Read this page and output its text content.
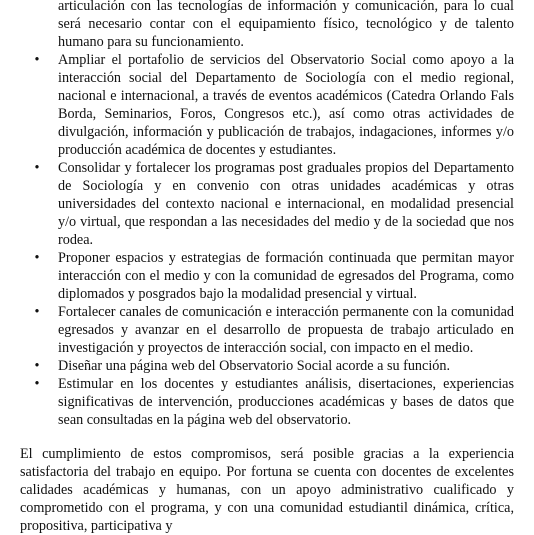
articulación con las tecnologías de información y comunicación, para lo cual será necesario contar con el equipamiento físico, tecnológico y de talento humano para su funcionamiento.
• Ampliar el portafolio de servicios del Observatorio Social como apoyo a la interacción social del Departamento de Sociología con el medio regional, nacional e internacional, a través de eventos académicos (Catedra Orlando Fals Borda, Seminarios, Foros, Congresos etc.), así como otras actividades de divulgación, información y publicación de trabajos, indagaciones, informes y/o producción académica de docentes y estudiantes.
• Consolidar y fortalecer los programas post graduales propios del Departamento de Sociología y en convenio con otras unidades académicas y otras universidades del contexto nacional e internacional, en modalidad presencial y/o virtual, que respondan a las necesidades del medio y de la sociedad que nos rodea.
• Proponer espacios y estrategias de formación continuada que permitan mayor interacción con el medio y con la comunidad de egresados del Programa, como diplomados y posgrados bajo la modalidad presencial y virtual.
• Fortalecer canales de comunicación e interacción permanente con la comunidad egresados y avanzar en el desarrollo de propuesta de trabajo articulado en investigación y proyectos de interacción social, con impacto en el medio.
• Diseñar una página web del Observatorio Social acorde a su función.
• Estimular en los docentes y estudiantes análisis, disertaciones, experiencias significativas de intervención, producciones académicas y bases de datos que sean consultadas en la página web del observatorio.

El cumplimiento de estos compromisos, será posible gracias a la experiencia satisfactoria del trabajo en equipo. Por fortuna se cuenta con docentes de excelentes calidades académicas y humanas, con un apoyo administrativo cualificado y comprometido con el programa, y con una comunidad estudiantil dinámica, crítica, propositiva, participativa y
